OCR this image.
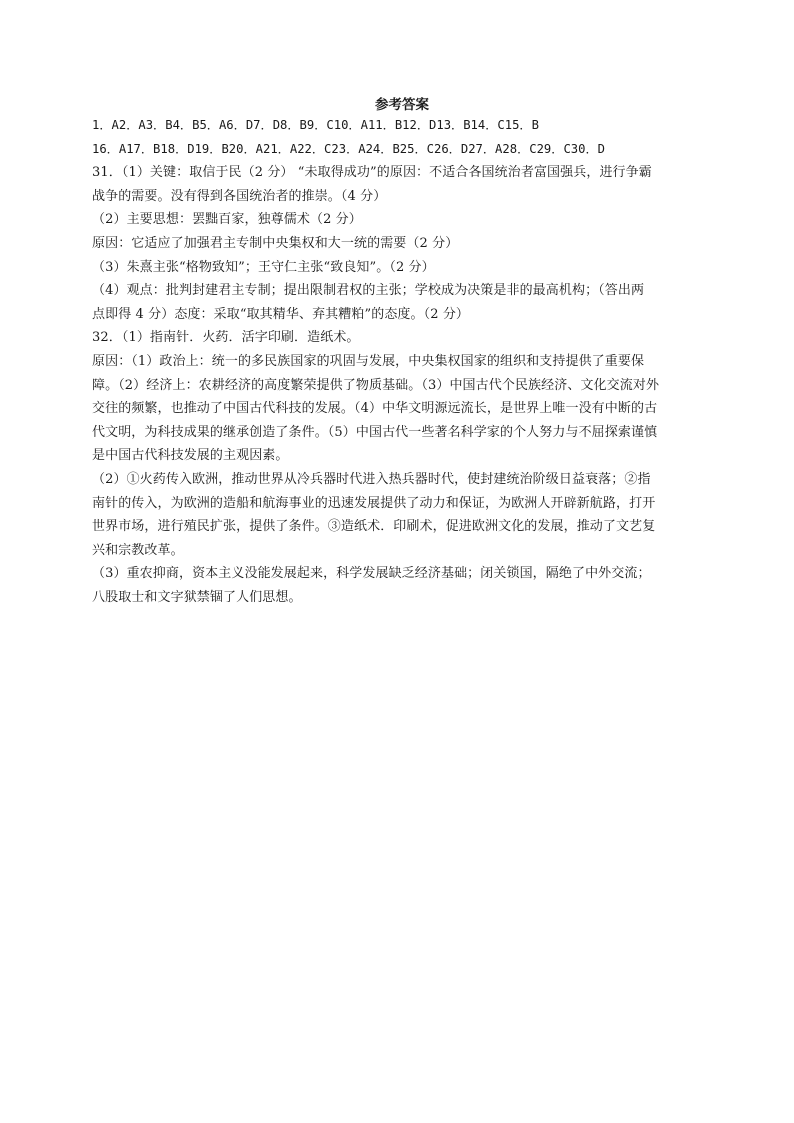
参考答案
1．A2．A3．B4．B5．A6．D7．D8．B9．C10．A11．B12．D13．B14．C15．B
16．A17．B18．D19．B20．A21．A22．C23．A24．B25．C26．D27．A28．C29．C30．D
31．（1）关键：取信于民（2 分） “未取得成功”的原因：不适合各国统治者富国强兵，进行争霸
战争的需要。没有得到各国统治者的推崇。（4 分）
（2）主要思想：罢黜百家，独尊儒术（2 分）
原因：它适应了加强君主专制中央集权和大一统的需要（2 分）
（3）朱熹主张“格物致知”；王守仁主张“致良知”。（2 分）
（4）观点：批判封建君主专制；提出限制君权的主张；学校成为决策是非的最高机构；（答出两
点即得 4 分）态度：采取“取其精华、弃其糟粕”的态度。（2 分）
32．（1）指南针．火药．活字印刷．造纸术。
原因：（1）政治上：统一的多民族国家的巩固与发展，中央集权国家的组织和支持提供了重要保
障。（2）经济上：农耕经济的高度繁荣提供了物质基础。（3）中国古代个民族经济、文化交流对外
交往的频繁，也推动了中国古代科技的发展。（4）中华文明源远流长，是世界上唯一没有中断的古
代文明，为科技成果的继承创造了条件。（5）中国古代一些著名科学家的个人努力与不屈探索谨慎
是中国古代科技发展的主观因素。
（2）①火药传入欧洲，推动世界从冷兵器时代进入热兵器时代，使封建统治阶级日益衰落；②指
南针的传入，为欧洲的造船和航海事业的迅速发展提供了动力和保证，为欧洲人开辟新航路，打开
世界市场，进行殖民扩张，提供了条件。③造纸术．印刷术，促进欧洲文化的发展，推动了文艺复
兴和宗教改革。
（3）重农抑商，资本主义没能发展起来，科学发展缺乏经济基础；闭关锁国，隔绝了中外交流；
八股取士和文字狱禁锢了人们思想。
